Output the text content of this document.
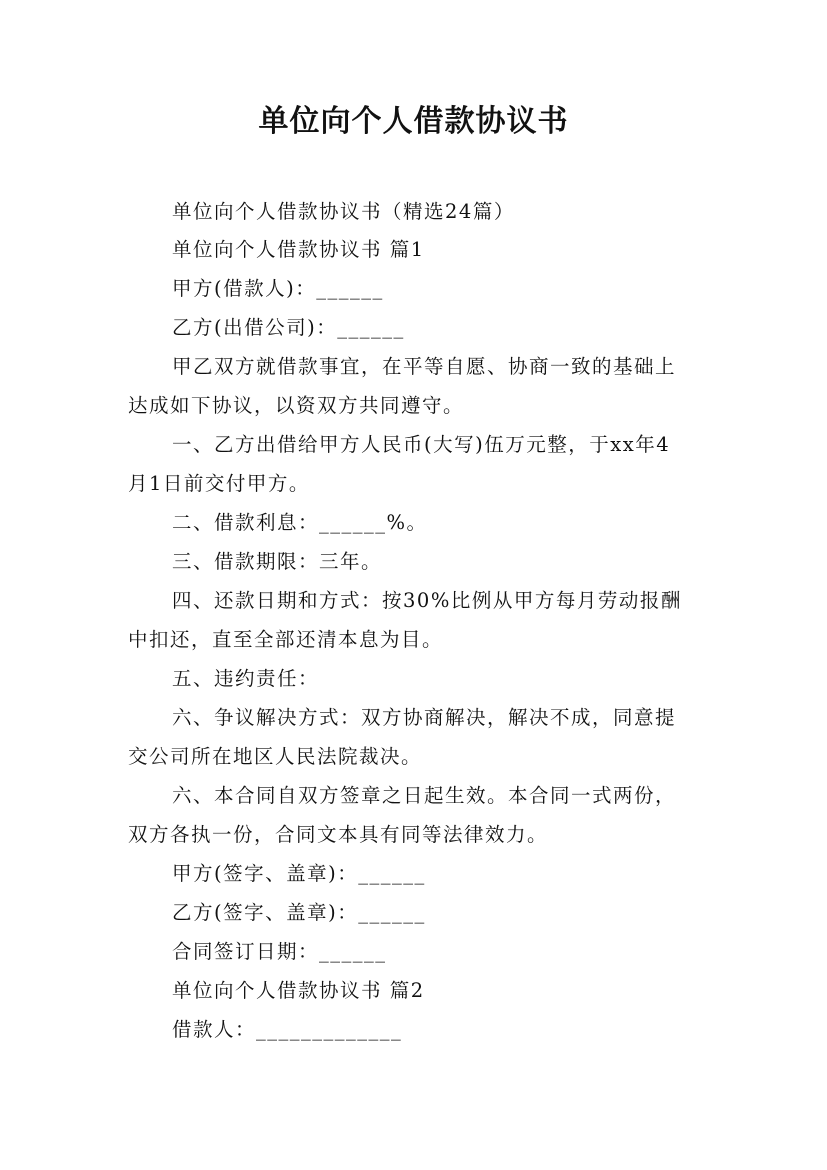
单位向个人借款协议书
单位向个人借款协议书（精选24篇）
单位向个人借款协议书 篇1
甲方(借款人)：______
乙方(出借公司)：______
甲乙双方就借款事宜，在平等自愿、协商一致的基础上
达成如下协议，以资双方共同遵守。
一、乙方出借给甲方人民币(大写)伍万元整，于xx年4
月1日前交付甲方。
二、借款利息：______%。
三、借款期限：三年。
四、还款日期和方式：按30%比例从甲方每月劳动报酬
中扣还，直至全部还清本息为目。
五、违约责任：
六、争议解决方式：双方协商解决，解决不成，同意提
交公司所在地区人民法院裁决。
六、本合同自双方签章之日起生效。本合同一式两份，
双方各执一份，合同文本具有同等法律效力。
甲方(签字、盖章)：______
乙方(签字、盖章)：______
合同签订日期：______
单位向个人借款协议书 篇2
借款人：_____________
